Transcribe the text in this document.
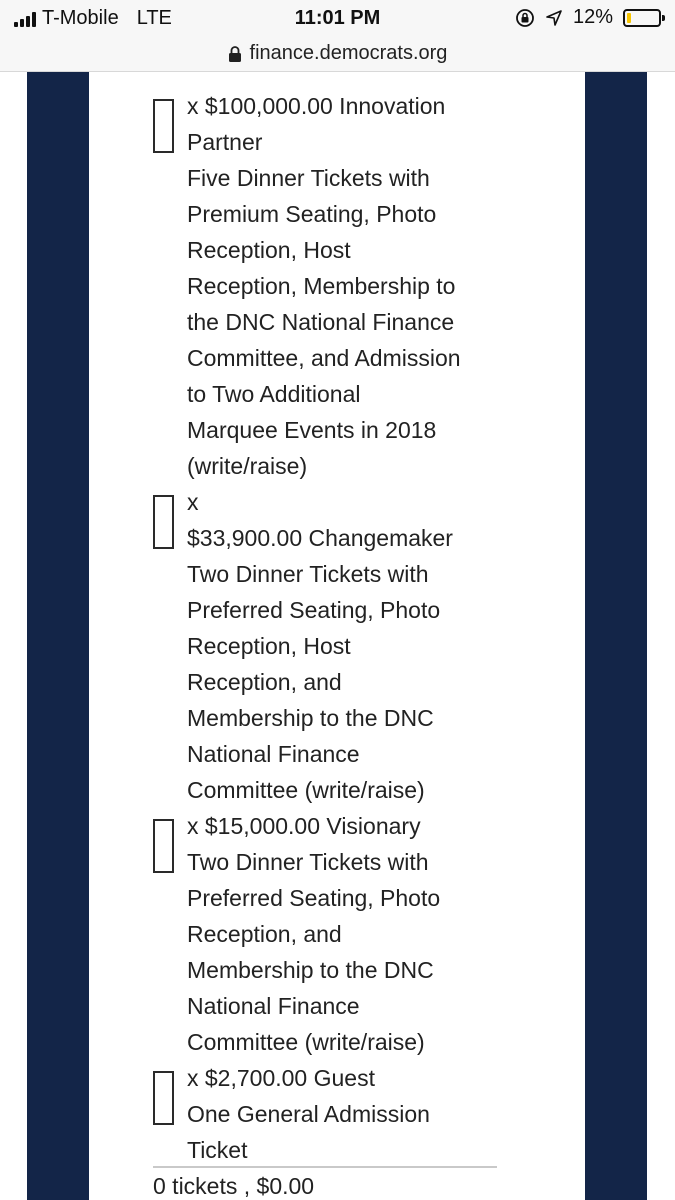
T-Mobile LTE	11:01 PM	12%
finance.democrats.org
x $100,000.00 Innovation
Partner
Five Dinner Tickets with
Premium Seating, Photo
Reception, Host
Reception, Membership to
the DNC National Finance
Committee, and Admission
to Two Additional
Marquee Events in 2018
(write/raise)
x
$33,900.00 Changemaker
Two Dinner Tickets with
Preferred Seating, Photo
Reception, Host
Reception, and
Membership to the DNC
National Finance
Committee (write/raise)
x $15,000.00 Visionary
Two Dinner Tickets with
Preferred Seating, Photo
Reception, and
Membership to the DNC
National Finance
Committee (write/raise)
x $2,700.00 Guest
One General Admission
Ticket
0 tickets , $0.00
